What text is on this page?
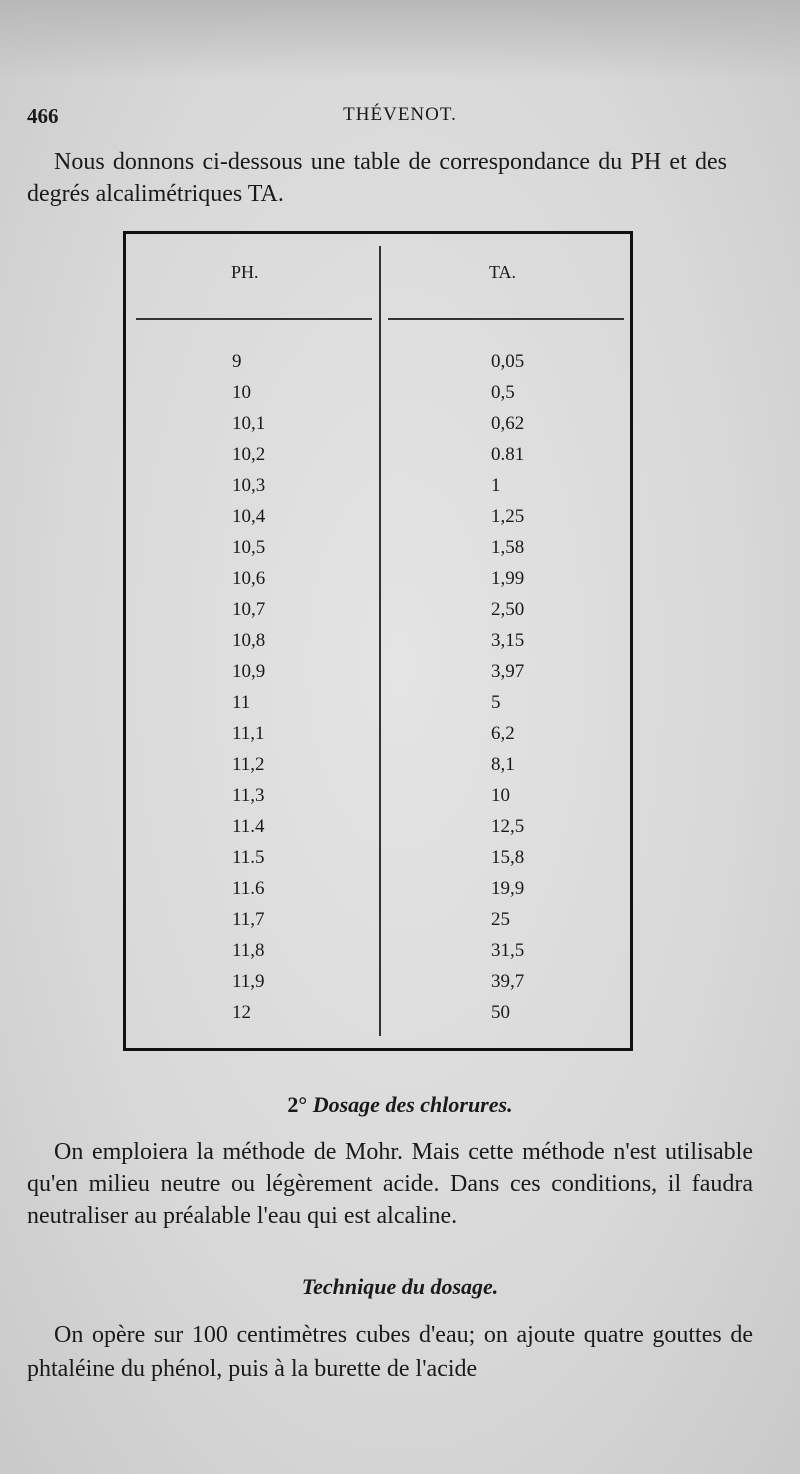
466	THÉVENOT.

Nous donnons ci-dessous une table de correspondance du PH et des degrés alcalimétriques TA.

PH.	TA.
9	0,05
10	0,5
10,1	0,62
10,2	0.81
10,3	1
10,4	1,25
10,5	1,58
10,6	1,99
10,7	2,50
10,8	3,15
10,9	3,97
11	5
11,1	6,2
11,2	8,1
11,3	10
11.4	12,5
11.5	15,8
11.6	19,9
11,7	25
11,8	31,5
11,9	39,7
12	50
2° Dosage des chlorures.

On emploiera la méthode de Mohr. Mais cette méthode n'est utilisable qu'en milieu neutre ou légèrement acide. Dans ces conditions, il faudra neutraliser au préalable l'eau qui est alcaline.

Technique du dosage.

On opère sur 100 centimètres cubes d'eau; on ajoute quatre gouttes de phtaléine du phénol, puis à la burette de l'acide
